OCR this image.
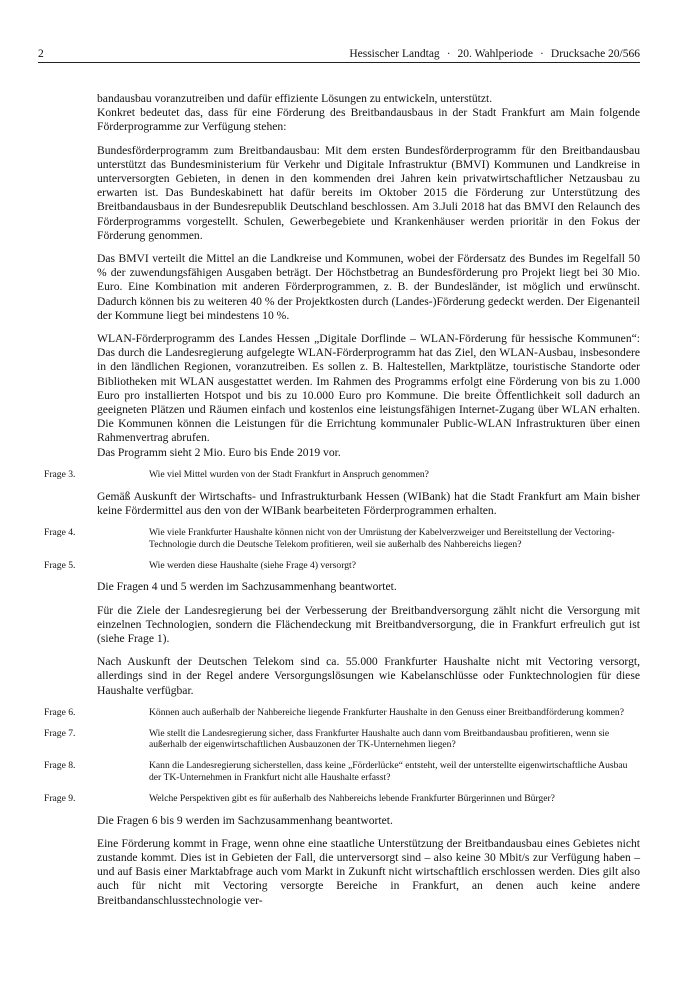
2	Hessischer Landtag · 20. Wahlperiode · Drucksache 20/566

bandausbau voranzutreiben und dafür effiziente Lösungen zu entwickeln, unterstützt.

Konkret bedeutet das, dass für eine Förderung des Breitbandausbaus in der Stadt Frankfurt am Main folgende Förderprogramme zur Verfügung stehen:

Bundesförderprogramm zum Breitbandausbau: Mit dem ersten Bundesförderprogramm für den Breitbandausbau unterstützt das Bundesministerium für Verkehr und Digitale Infrastruktur (BMVI) Kommunen und Landkreise in unterversorgten Gebieten, in denen in den kommenden drei Jahren kein privatwirtschaftlicher Netzausbau zu erwarten ist. Das Bundeskabinett hat dafür bereits im Oktober 2015 die Förderung zur Unterstützung des Breitbandausbaus in der Bundesrepublik Deutschland beschlossen. Am 3.Juli 2018 hat das BMVI den Relaunch des Förderprogramms vorgestellt. Schulen, Gewerbegebiete und Krankenhäuser werden prioritär in den Fokus der Förderung genommen.

Das BMVI verteilt die Mittel an die Landkreise und Kommunen, wobei der Fördersatz des Bundes im Regelfall 50 % der zuwendungsfähigen Ausgaben beträgt. Der Höchstbetrag an Bundesförderung pro Projekt liegt bei 30 Mio. Euro. Eine Kombination mit anderen Förderprogrammen, z. B. der Bundesländer, ist möglich und erwünscht. Dadurch können bis zu weiteren 40 % der Projektkosten durch (Landes-)Förderung gedeckt werden. Der Eigenanteil der Kommune liegt bei mindestens 10 %.

WLAN-Förderprogramm des Landes Hessen „Digitale Dorflinde – WLAN-Förderung für hessische Kommunen“: Das durch die Landesregierung aufgelegte WLAN-Förderprogramm hat das Ziel, den WLAN-Ausbau, insbesondere in den ländlichen Regionen, voranzutreiben. Es sollen z. B. Haltestellen, Marktplätze, touristische Standorte oder Bibliotheken mit WLAN ausgestattet werden. Im Rahmen des Programms erfolgt eine Förderung von bis zu 1.000 Euro pro installierten Hotspot und bis zu 10.000 Euro pro Kommune. Die breite Öffentlichkeit soll dadurch an geeigneten Plätzen und Räumen einfach und kostenlos eine leistungsfähigen Internet-Zugang über WLAN erhalten. Die Kommunen können die Leistungen für die Errichtung kommunaler Public-WLAN Infrastrukturen über einen Rahmenvertrag abrufen.

Das Programm sieht 2 Mio. Euro bis Ende 2019 vor.

Frage 3.	Wie viel Mittel wurden von der Stadt Frankfurt in Anspruch genommen?

Gemäß Auskunft der Wirtschafts- und Infrastrukturbank Hessen (WIBank) hat die Stadt Frankfurt am Main bisher keine Fördermittel aus den von der WIBank bearbeiteten Förderprogrammen erhalten.

Frage 4.	Wie viele Frankfurter Haushalte können nicht von der Umrüstung der Kabelverzweiger und Bereitstellung der Vectoring-Technologie durch die Deutsche Telekom profitieren, weil sie außerhalb des Nahbereichs liegen?
Frage 5.	Wie werden diese Haushalte (siehe Frage 4) versorgt?

Die Fragen 4 und 5 werden im Sachzusammenhang beantwortet.

Für die Ziele der Landesregierung bei der Verbesserung der Breitbandversorgung zählt nicht die Versorgung mit einzelnen Technologien, sondern die Flächendeckung mit Breitbandversorgung, die in Frankfurt erfreulich gut ist (siehe Frage 1).

Nach Auskunft der Deutschen Telekom sind ca. 55.000 Frankfurter Haushalte nicht mit Vectoring versorgt, allerdings sind in der Regel andere Versorgungslösungen wie Kabelanschlüsse oder Funktechnologien für diese Haushalte verfügbar.

Frage 6.	Können auch außerhalb der Nahbereiche liegende Frankfurter Haushalte in den Genuss einer Breitbandförderung kommen?
Frage 7.	Wie stellt die Landesregierung sicher, dass Frankfurter Haushalte auch dann vom Breitbandausbau profitieren, wenn sie außerhalb der eigenwirtschaftlichen Ausbauzonen der TK-Unternehmen liegen?
Frage 8.	Kann die Landesregierung sicherstellen, dass keine „Förderlücke“ entsteht, weil der unterstellte eigenwirtschaftliche Ausbau der TK-Unternehmen in Frankfurt nicht alle Haushalte erfasst?
Frage 9.	Welche Perspektiven gibt es für außerhalb des Nahbereichs lebende Frankfurter Bürgerinnen und Bürger?

Die Fragen 6 bis 9 werden im Sachzusammenhang beantwortet.

Eine Förderung kommt in Frage, wenn ohne eine staatliche Unterstützung der Breitbandausbau eines Gebietes nicht zustande kommt. Dies ist in Gebieten der Fall, die unterversorgt sind – also keine 30 Mbit/s zur Verfügung haben – und auf Basis einer Marktabfrage auch vom Markt in Zukunft nicht wirtschaftlich erschlossen werden. Dies gilt also auch für nicht mit Vectoring versorgte Bereiche in Frankfurt, an denen auch keine andere Breitbandanschlusstechnologie ver-
